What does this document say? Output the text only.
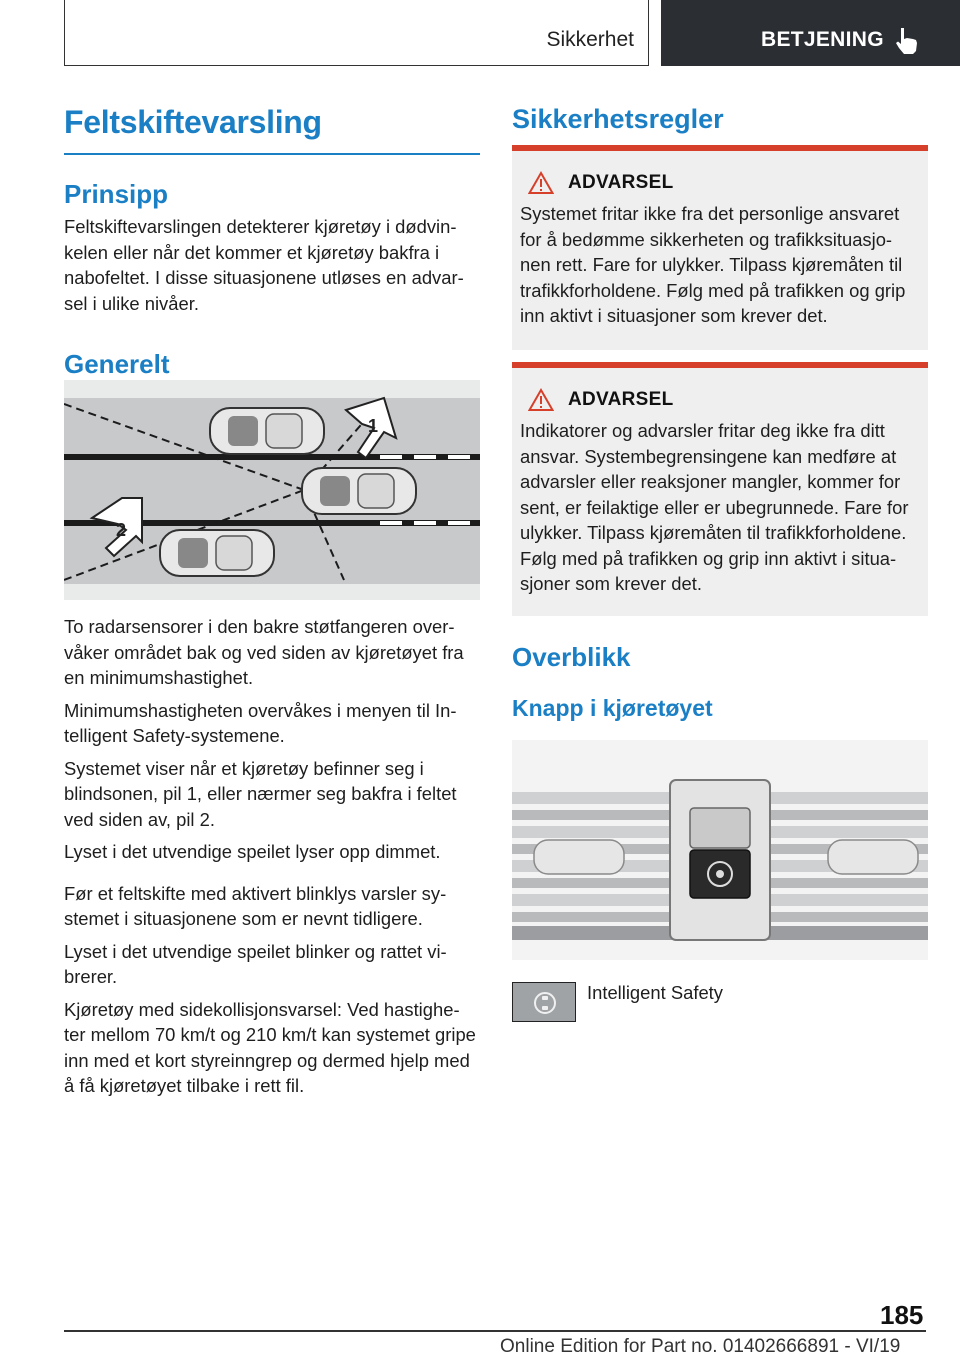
Sikkerhet	BETJENING
Feltskiftevarsling
Prinsipp
Feltskiftevarslingen detekterer kjøretøy i dødvin-kelen eller når det kommer et kjøretøy bakfra i nabofeltet. I disse situasjonene utløses en advar-sel i ulike nivåer.
Generelt
1
2
To radarsensorer i den bakre støtfangeren over-våker området bak og ved siden av kjøretøyet fra en minimumshastighet.
Minimumshastigheten overvåkes i menyen til In-telligent Safety-systemene.
Systemet viser når et kjøretøy befinner seg i blindsonen, pil 1, eller nærmer seg bakfra i feltet ved siden av, pil 2.
Lyset i det utvendige speilet lyser opp dimmet.
Før et feltskifte med aktivert blinklys varsler sy-stemet i situasjonene som er nevnt tidligere.
Lyset i det utvendige speilet blinker og rattet vi-brerer.
Kjøretøy med sidekollisjonsvarsel: Ved hastighe-ter mellom 70 km/t og 210 km/t kan systemet gripe inn med et kort styreinngrep og dermed hjelp med å få kjøretøyet tilbake i rett fil.
Sikkerhetsregler
ADVARSEL
Systemet fritar ikke fra det personlige ansvaret for å bedømme sikkerheten og trafikksituasjo-nen rett. Fare for ulykker. Tilpass kjøremåten til trafikkforholdene. Følg med på trafikken og grip inn aktivt i situasjoner som krever det.
ADVARSEL
Indikatorer og advarsler fritar deg ikke fra ditt ansvar. Systembegrensingene kan medføre at advarsler eller reaksjoner mangler, kommer for sent, er feilaktige eller er ubegrunnede. Fare for ulykker. Tilpass kjøremåten til trafikkforholdene. Følg med på trafikken og grip inn aktivt i situa-sjoner som krever det.
Overblikk
Knapp i kjøretøyet
Intelligent Safety
185
Online Edition for Part no. 01402666891 - VI/19
